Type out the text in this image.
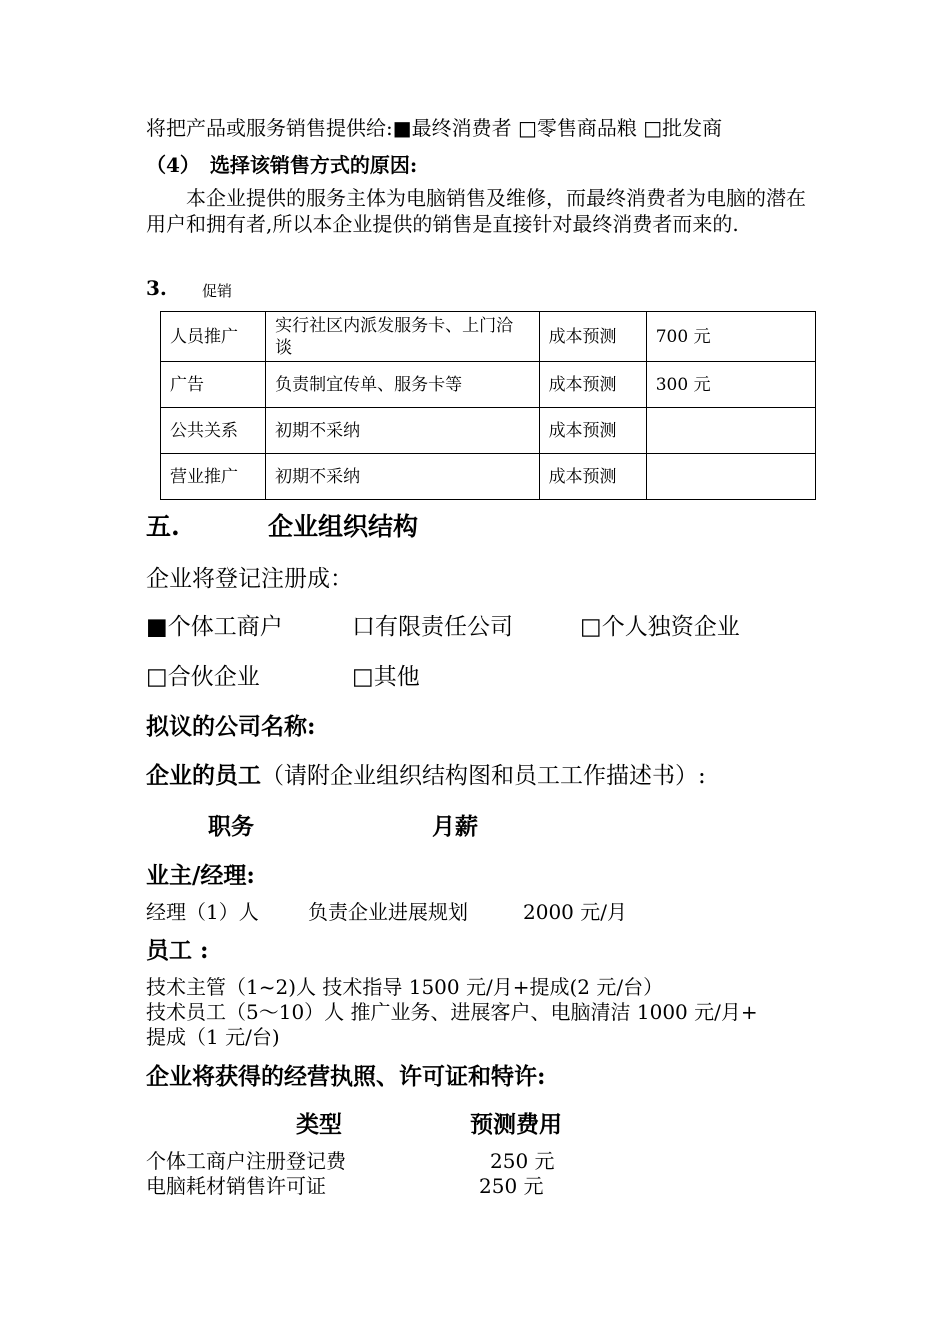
将把产品或服务销售提供给:■最终消费者 □零售商品粮 □批发商
（4）　选择该销售方式的原因:
本企业提供的服务主体为电脑销售及维修，而最终消费者为电脑的潜在用户和拥有者,所以本企业提供的销售是直接针对最终消费者而来的.
3. 促销
人员推广	实行社区内派发服务卡、上门洽谈	成本预测	700 元
广告	负责制宜传单、服务卡等	成本预测	300 元
公共关系	初期不采纳	成本预测	
营业推广	初期不采纳	成本预测	
五.	企业组织结构
企业将登记注册成：
■个体工商户	口有限责任公司	□个人独资企业
□合伙企业	□其他
拟议的公司名称:
企业的员工（请附企业组织结构图和员工工作描述书）:
职务	月薪
业主/经理:
经理（1）人 负责企业进展规划	2000 元/月
员工 :
技术主管（1~2)人 技术指导 1500 元/月+提成(2 元/台）
技术员工（5～10）人 推广业务、进展客户、电脑清洁 1000 元/月+
提成（1 元/台)
企业将获得的经营执照、许可证和特许:
类型	预测费用
个体工商户注册登记费	250 元
电脑耗材销售许可证	250 元
